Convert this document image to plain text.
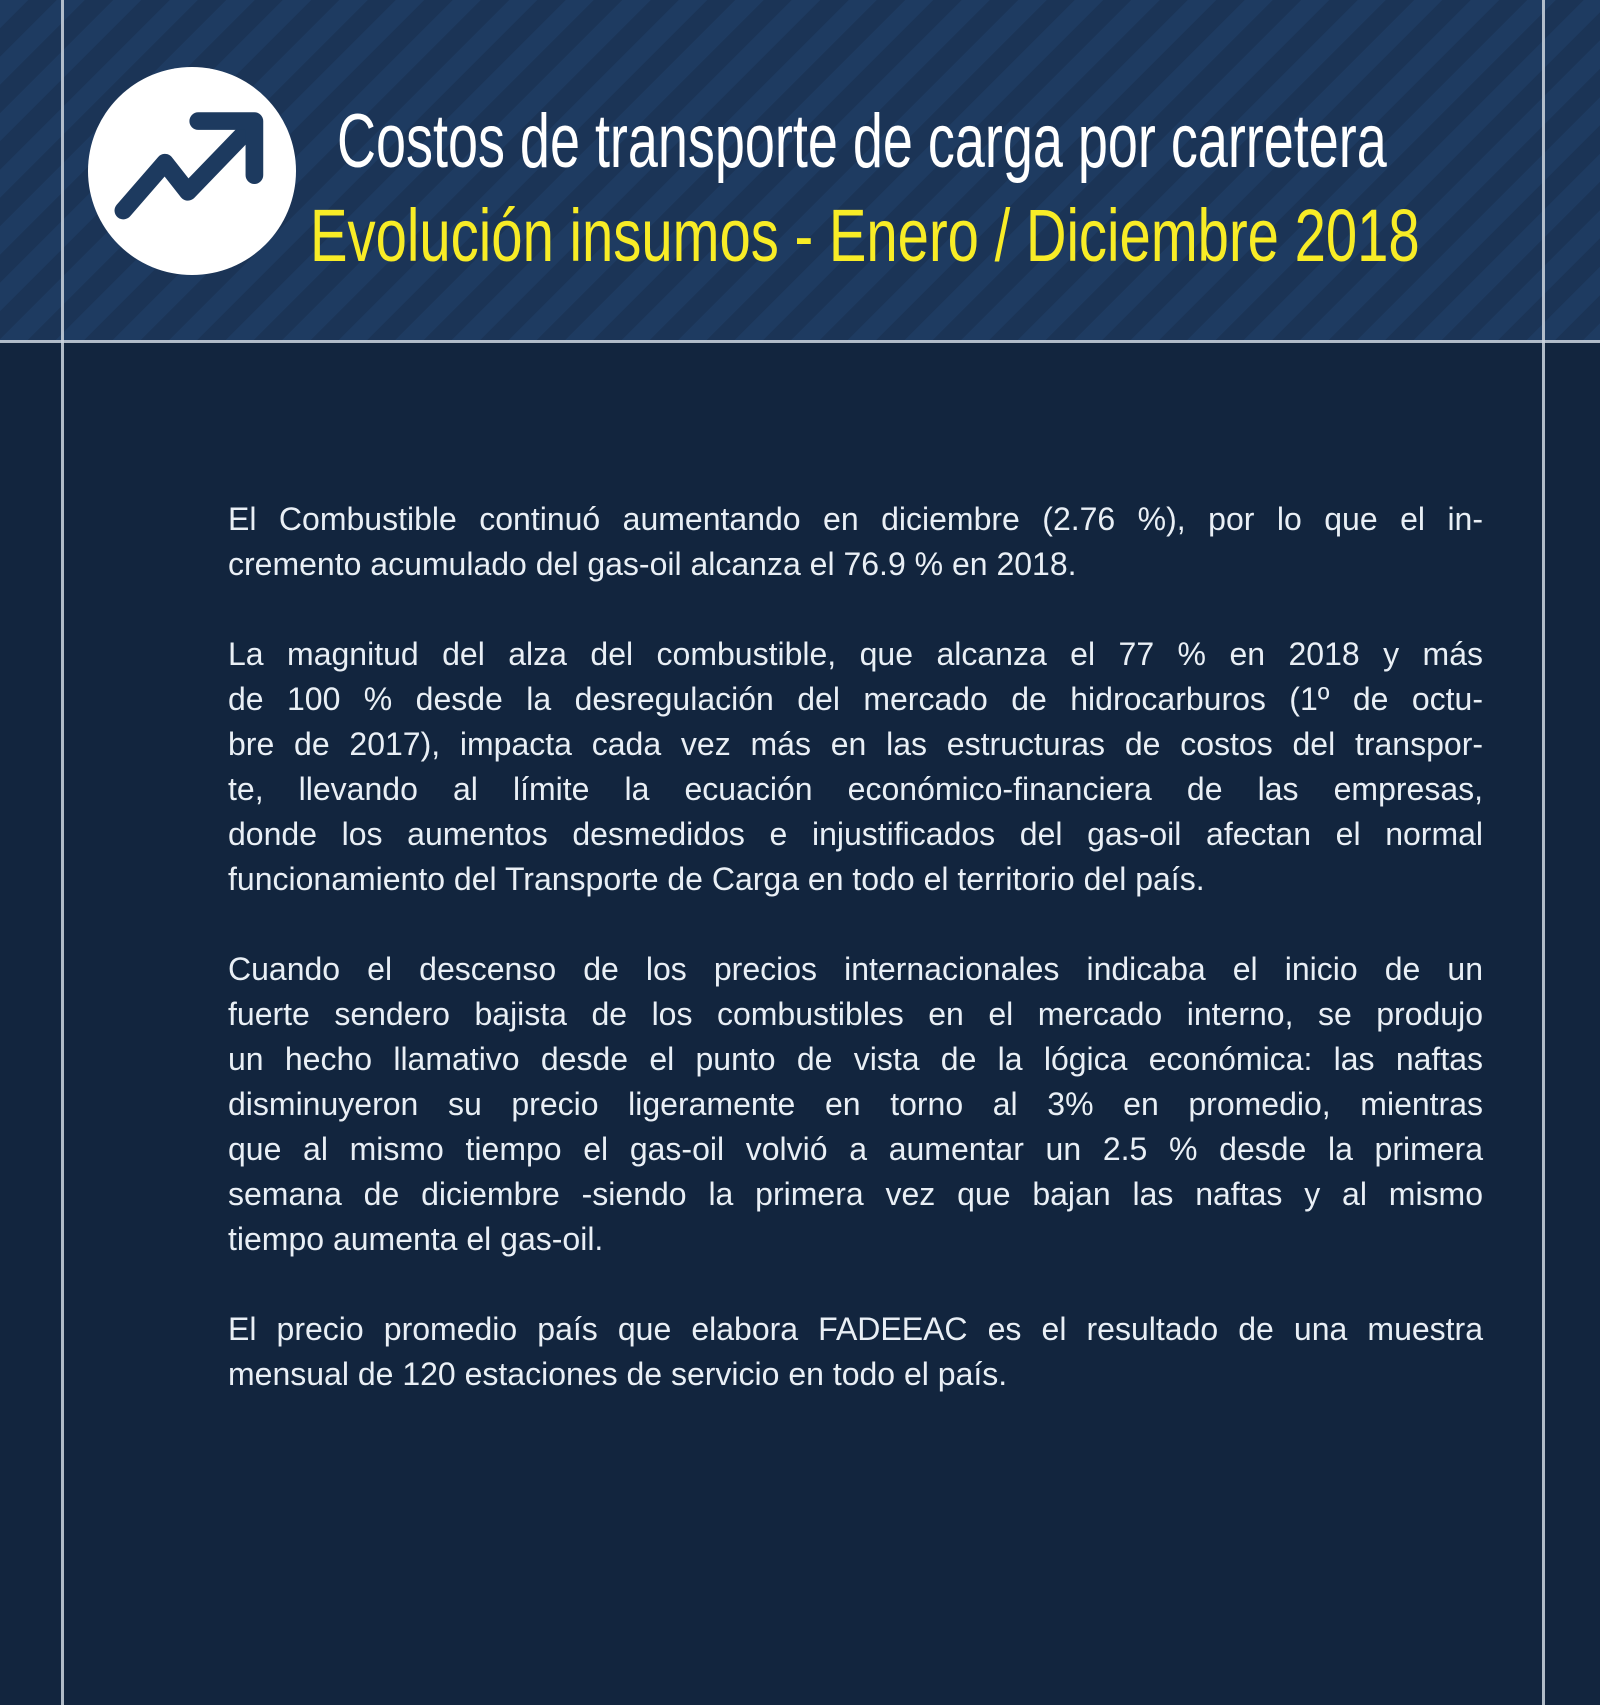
Costos de transporte de carga por carretera
Evolución insumos - Enero / Diciembre 2018
El Combustible continuó aumentando en diciembre (2.76 %), por lo que el in-
cremento acumulado del gas-oil alcanza el 76.9 % en 2018.
La magnitud del alza del combustible, que alcanza el 77 % en 2018 y más
de 100 % desde la desregulación del mercado de hidrocarburos (1º de octu-
bre de 2017), impacta cada vez más en las estructuras de costos del transpor-
te, llevando al límite la ecuación económico-financiera de las empresas,
donde los aumentos desmedidos e injustificados del gas-oil afectan el normal
funcionamiento del Transporte de Carga en todo el territorio del país.
Cuando el descenso de los precios internacionales indicaba el inicio de un
fuerte sendero bajista de los combustibles en el mercado interno, se produjo
un hecho llamativo desde el punto de vista de la lógica económica: las naftas
disminuyeron su precio ligeramente en torno al 3% en promedio, mientras
que al mismo tiempo el gas-oil volvió a aumentar un 2.5 % desde la primera
semana de diciembre -siendo la primera vez que bajan las naftas y al mismo
tiempo aumenta el gas-oil.
El precio promedio país que elabora FADEEAC es el resultado de una muestra
mensual de 120 estaciones de servicio en todo el país.
